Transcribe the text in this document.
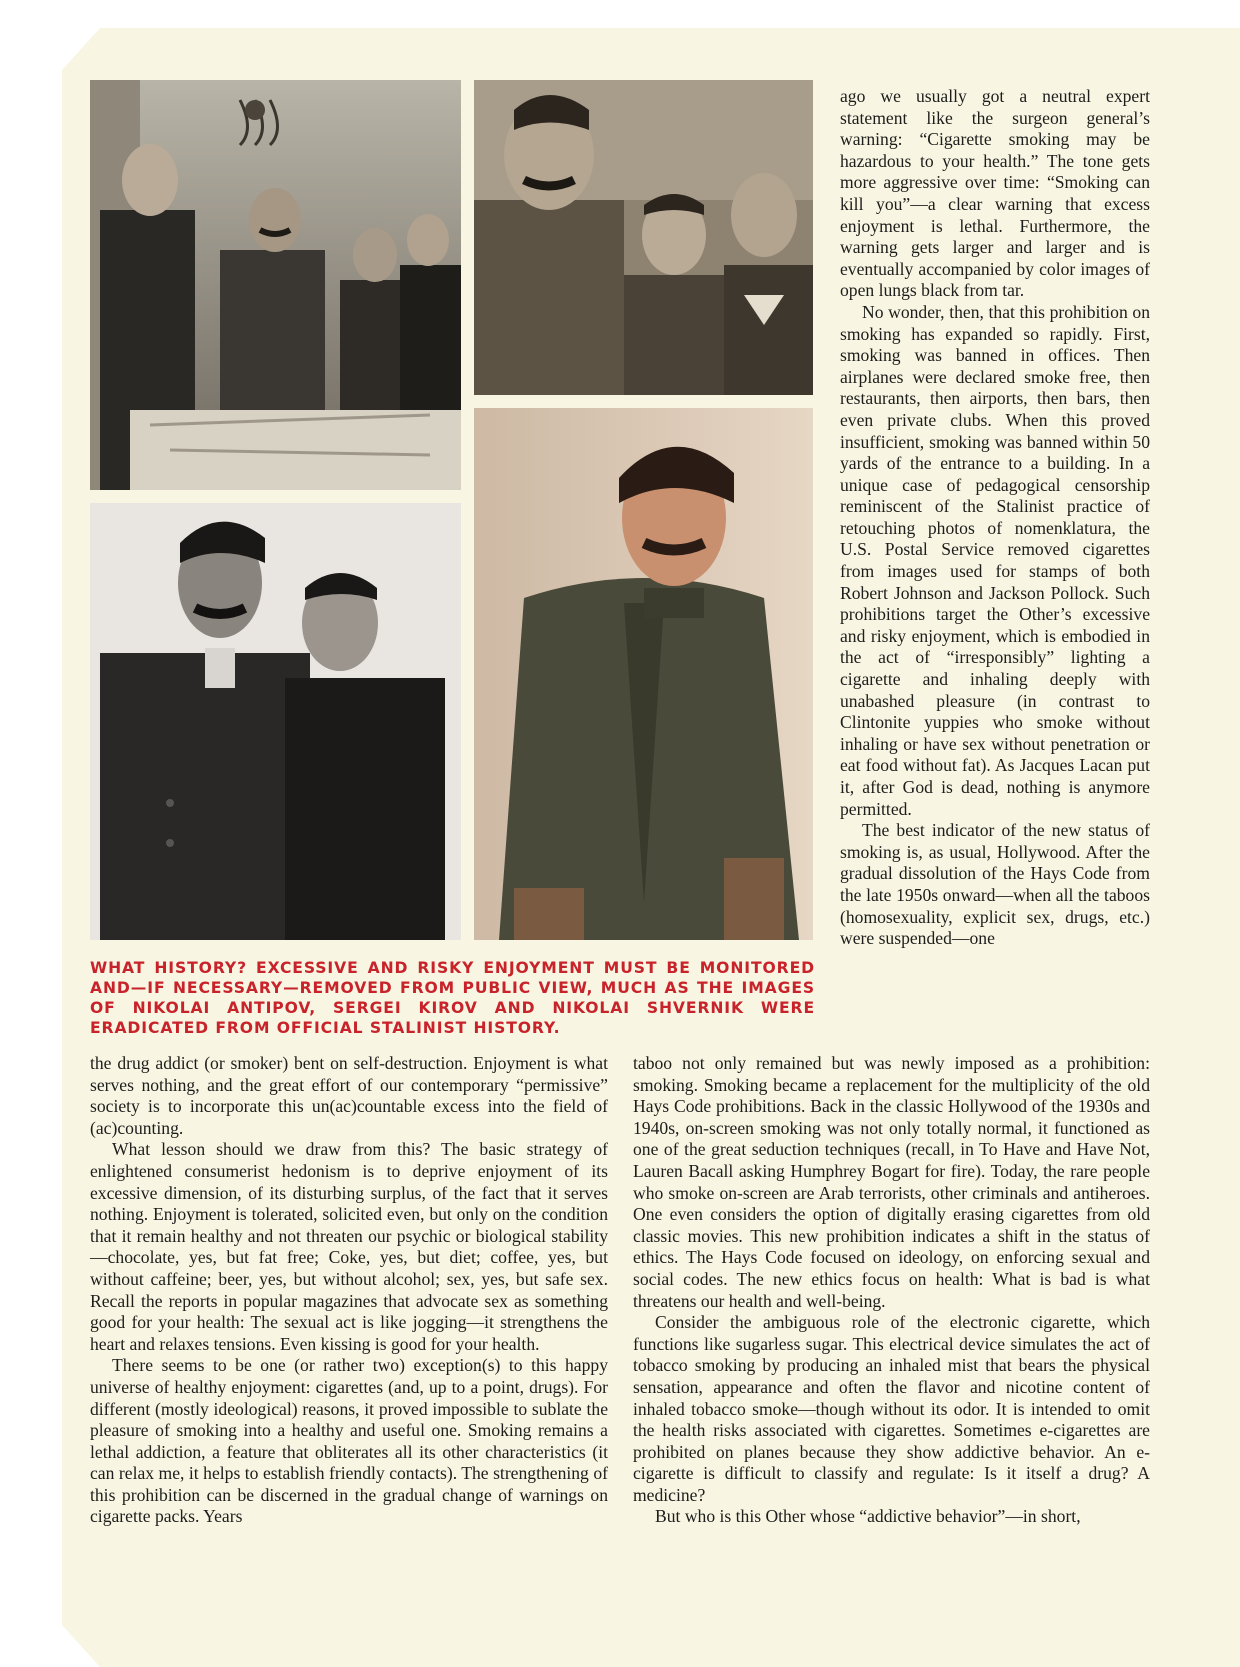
WHAT HISTORY? EXCESSIVE AND RISKY ENJOYMENT MUST BE MONITORED AND—IF NECESSARY—REMOVED FROM PUBLIC VIEW, MUCH AS THE IMAGES OF NIKOLAI ANTIPOV, SERGEI KIROV AND NIKOLAI SHVERNIK WERE ERADICATED FROM OFFICIAL STALINIST HISTORY.

ago we usually got a neutral expert statement like the surgeon general’s warning: “Cigarette smoking may be hazardous to your health.” The tone gets more aggressive over time: “Smoking can kill you”—a clear warning that excess enjoyment is lethal. Furthermore, the warning gets larger and larger and is eventually accompanied by color images of open lungs black from tar.

No wonder, then, that this prohibition on smoking has expanded so rapidly. First, smoking was banned in offices. Then airplanes were declared smoke free, then restaurants, then airports, then bars, then even private clubs. When this proved insufficient, smoking was banned within 50 yards of the entrance to a building. In a unique case of pedagogical censorship reminiscent of the Stalinist practice of retouching photos of nomenklatura, the U.S. Postal Service removed cigarettes from images used for stamps of both Robert Johnson and Jackson Pollock. Such prohibitions target the Other’s excessive and risky enjoyment, which is embodied in the act of “irresponsibly” lighting a cigarette and inhaling deeply with unabashed pleasure (in contrast to Clintonite yuppies who smoke without inhaling or have sex without penetration or eat food without fat). As Jacques Lacan put it, after God is dead, nothing is anymore permitted.

The best indicator of the new status of smoking is, as usual, Hollywood. After the gradual dissolution of the Hays Code from the late 1950s onward—when all the taboos (homosexuality, explicit sex, drugs, etc.) were suspended—one

the drug addict (or smoker) bent on self-destruction. Enjoyment is what serves nothing, and the great effort of our contemporary “permissive” society is to incorporate this un(ac)countable excess into the field of (ac)counting.

What lesson should we draw from this? The basic strategy of enlightened consumerist hedonism is to deprive enjoyment of its excessive dimension, of its disturbing surplus, of the fact that it serves nothing. Enjoyment is tolerated, solicited even, but only on the condition that it remain healthy and not threaten our psychic or biological stability—chocolate, yes, but fat free; Coke, yes, but diet; coffee, yes, but without caffeine; beer, yes, but without alcohol; sex, yes, but safe sex. Recall the reports in popular magazines that advocate sex as something good for your health: The sexual act is like jogging—it strengthens the heart and relaxes tensions. Even kissing is good for your health.

There seems to be one (or rather two) exception(s) to this happy universe of healthy enjoyment: cigarettes (and, up to a point, drugs). For different (mostly ideological) reasons, it proved impossible to sublate the pleasure of smoking into a healthy and useful one. Smoking remains a lethal addiction, a feature that obliterates all its other characteristics (it can relax me, it helps to establish friendly contacts). The strengthening of this prohibition can be discerned in the gradual change of warnings on cigarette packs. Years

taboo not only remained but was newly imposed as a prohibition: smoking. Smoking became a replacement for the multiplicity of the old Hays Code prohibitions. Back in the classic Hollywood of the 1930s and 1940s, on-screen smoking was not only totally normal, it functioned as one of the great seduction techniques (recall, in To Have and Have Not, Lauren Bacall asking Humphrey Bogart for fire). Today, the rare people who smoke on-screen are Arab terrorists, other criminals and antiheroes. One even considers the option of digitally erasing cigarettes from old classic movies. This new prohibition indicates a shift in the status of ethics. The Hays Code focused on ideology, on enforcing sexual and social codes. The new ethics focus on health: What is bad is what threatens our health and well-being.

Consider the ambiguous role of the electronic cigarette, which functions like sugarless sugar. This electrical device simulates the act of tobacco smoking by producing an inhaled mist that bears the physical sensation, appearance and often the flavor and nicotine content of inhaled tobacco smoke—though without its odor. It is intended to omit the health risks associated with cigarettes. Sometimes e-cigarettes are prohibited on planes because they show addictive behavior. An e-cigarette is difficult to classify and regulate: Is it itself a drug? A medicine?

But who is this Other whose “addictive behavior”—in short,
